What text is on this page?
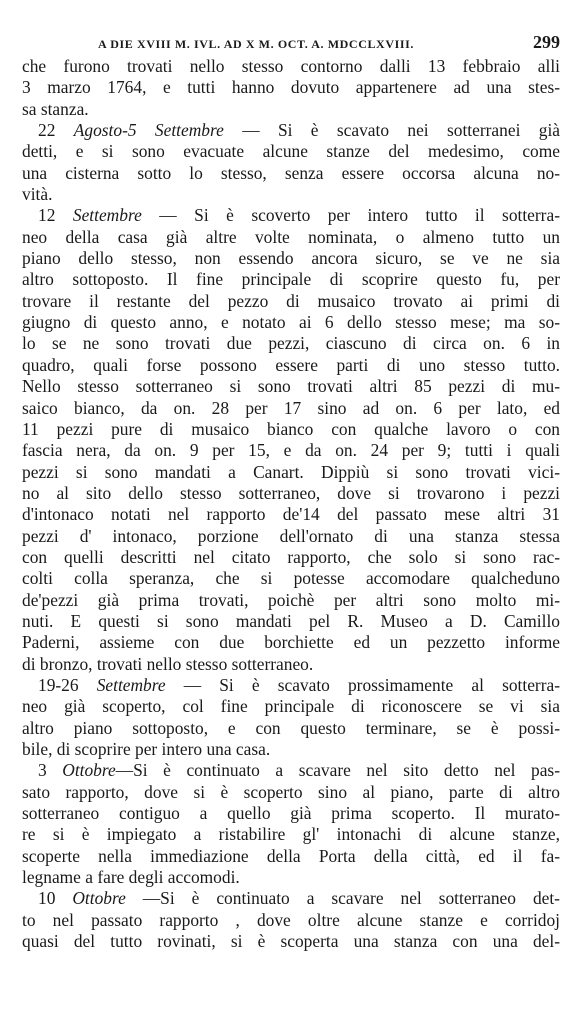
A DIE XVIII M. IVL. AD X M. OCT. A. MDCCLXVIII.	299
che furono trovati nello stesso contorno dalli 13 febbraio alli
3 marzo 1764, e tutti hanno dovuto appartenere ad una stes-
sa stanza.
22 Agosto-5 Settembre — Si è scavato nei sotterranei già
detti, e si sono evacuate alcune stanze del medesimo, come
una cisterna sotto lo stesso, senza essere occorsa alcuna no-
vità.
12 Settembre — Si è scoverto per intero tutto il sotterra-
neo della casa già altre volte nominata, o almeno tutto un
piano dello stesso, non essendo ancora sicuro, se ve ne sia
altro sottoposto. Il fine principale di scoprire questo fu, per
trovare il restante del pezzo di musaico trovato ai primi di
giugno di questo anno, e notato ai 6 dello stesso mese; ma so-
lo se ne sono trovati due pezzi, ciascuno di circa on. 6 in
quadro, quali forse possono essere parti di uno stesso tutto.
Nello stesso sotterraneo si sono trovati altri 85 pezzi di mu-
saico bianco, da on. 28 per 17 sino ad on. 6 per lato, ed
11 pezzi pure di musaico bianco con qualche lavoro o con
fascia nera, da on. 9 per 15, e da on. 24 per 9; tutti i quali
pezzi si sono mandati a Canart. Dippiù si sono trovati vici-
no al sito dello stesso sotterraneo, dove si trovarono i pezzi
d'intonaco notati nel rapporto de'14 del passato mese altri 31
pezzi d' intonaco, porzione dell'ornato di una stanza stessa
con quelli descritti nel citato rapporto, che solo si sono rac-
colti colla speranza, che si potesse accomodare qualcheduno
de'pezzi già prima trovati, poichè per altri sono molto mi-
nuti. E questi si sono mandati pel R. Museo a D. Camillo
Paderni, assieme con due borchiette ed un pezzetto informe
di bronzo, trovati nello stesso sotterraneo.
19-26 Settembre — Si è scavato prossimamente al sotterra-
neo già scoperto, col fine principale di riconoscere se vi sia
altro piano sottoposto, e con questo terminare, se è possi-
bile, di scoprire per intero una casa.
3 Ottobre—Si è continuato a scavare nel sito detto nel pas-
sato rapporto, dove si è scoperto sino al piano, parte di altro
sotterraneo contiguo a quello già prima scoperto. Il murato-
re si è impiegato a ristabilire gl' intonachi di alcune stanze,
scoperte nella immediazione della Porta della città, ed il fa-
legname a fare degli accomodi.
10 Ottobre —Si è continuato a scavare nel sotterraneo det-
to nel passato rapporto , dove oltre alcune stanze e corridoj
quasi del tutto rovinati, si è scoperta una stanza con una del-
